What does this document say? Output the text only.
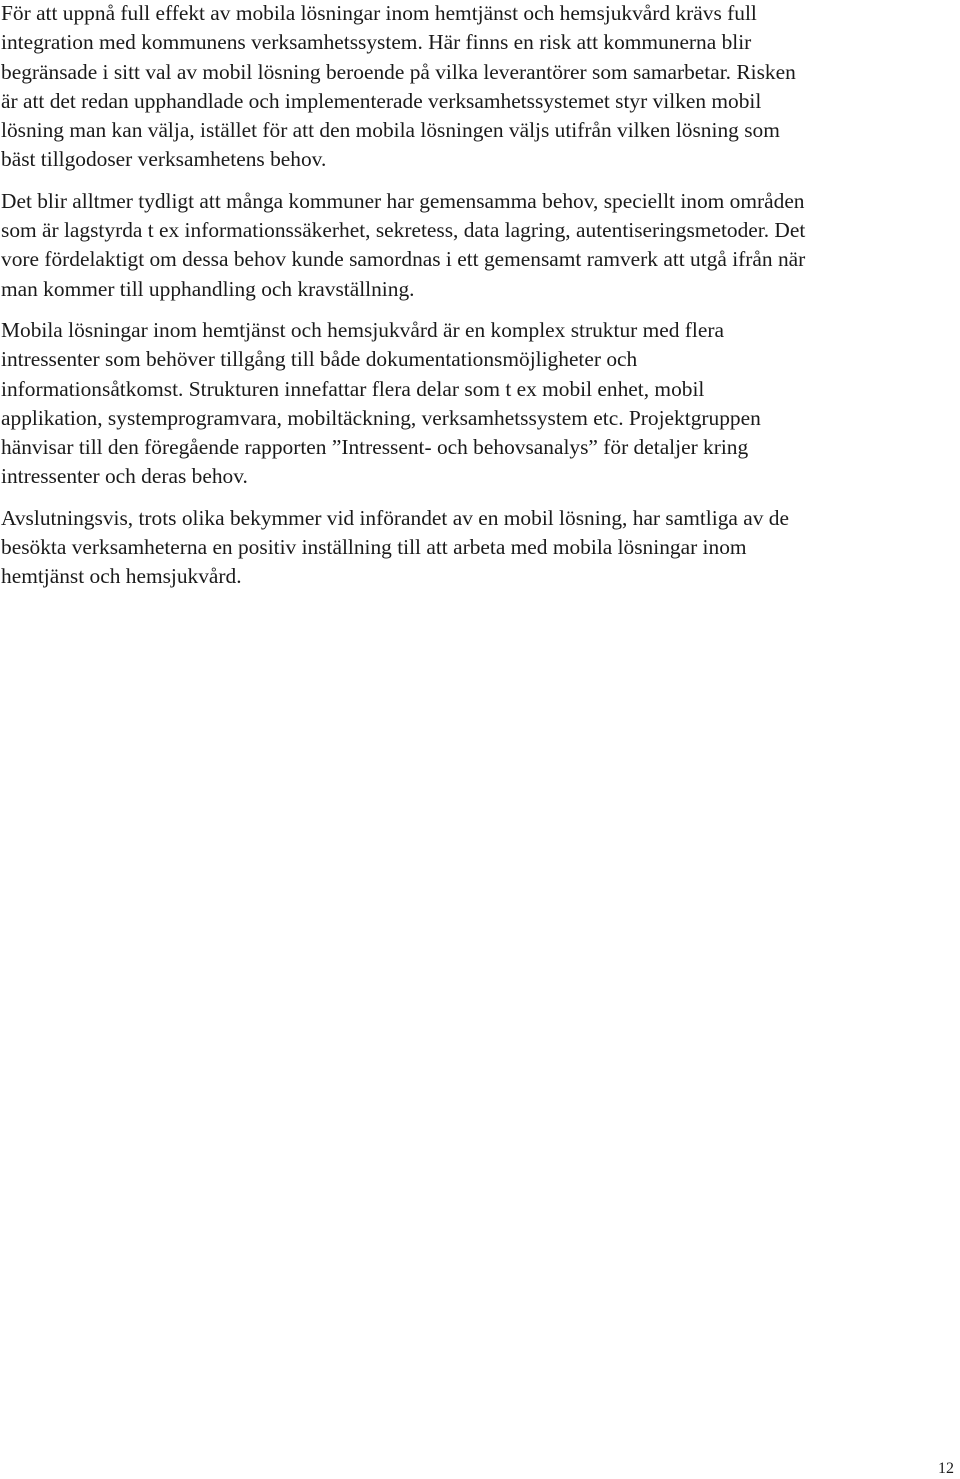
För att uppnå full effekt av mobila lösningar inom hemtjänst och hemsjukvård krävs full
integration med kommunens verksamhetssystem. Här finns en risk att kommunerna blir
begränsade i sitt val av mobil lösning beroende på vilka leverantörer som samarbetar. Risken
är att det redan upphandlade och implementerade verksamhetssystemet styr vilken mobil
lösning man kan välja, istället för att den mobila lösningen väljs utifrån vilken lösning som
bäst tillgodoser verksamhetens behov.

Det blir alltmer tydligt att många kommuner har gemensamma behov, speciellt inom områden
som är lagstyrda t ex informationssäkerhet, sekretess, data lagring, autentiseringsmetoder. Det
vore fördelaktigt om dessa behov kunde samordnas i ett gemensamt ramverk att utgå ifrån när
man kommer till upphandling och kravställning.

Mobila lösningar inom hemtjänst och hemsjukvård är en komplex struktur med flera
intressenter som behöver tillgång till både dokumentationsmöjligheter och
informationsåtkomst. Strukturen innefattar flera delar som t ex mobil enhet, mobil
applikation, systemprogramvara, mobiltäckning, verksamhetssystem etc. Projektgruppen
hänvisar till den föregående rapporten ”Intressent- och behovsanalys” för detaljer kring
intressenter och deras behov.

Avslutningsvis, trots olika bekymmer vid införandet av en mobil lösning, har samtliga av de
besökta verksamheterna en positiv inställning till att arbeta med mobila lösningar inom
hemtjänst och hemsjukvård.

12
